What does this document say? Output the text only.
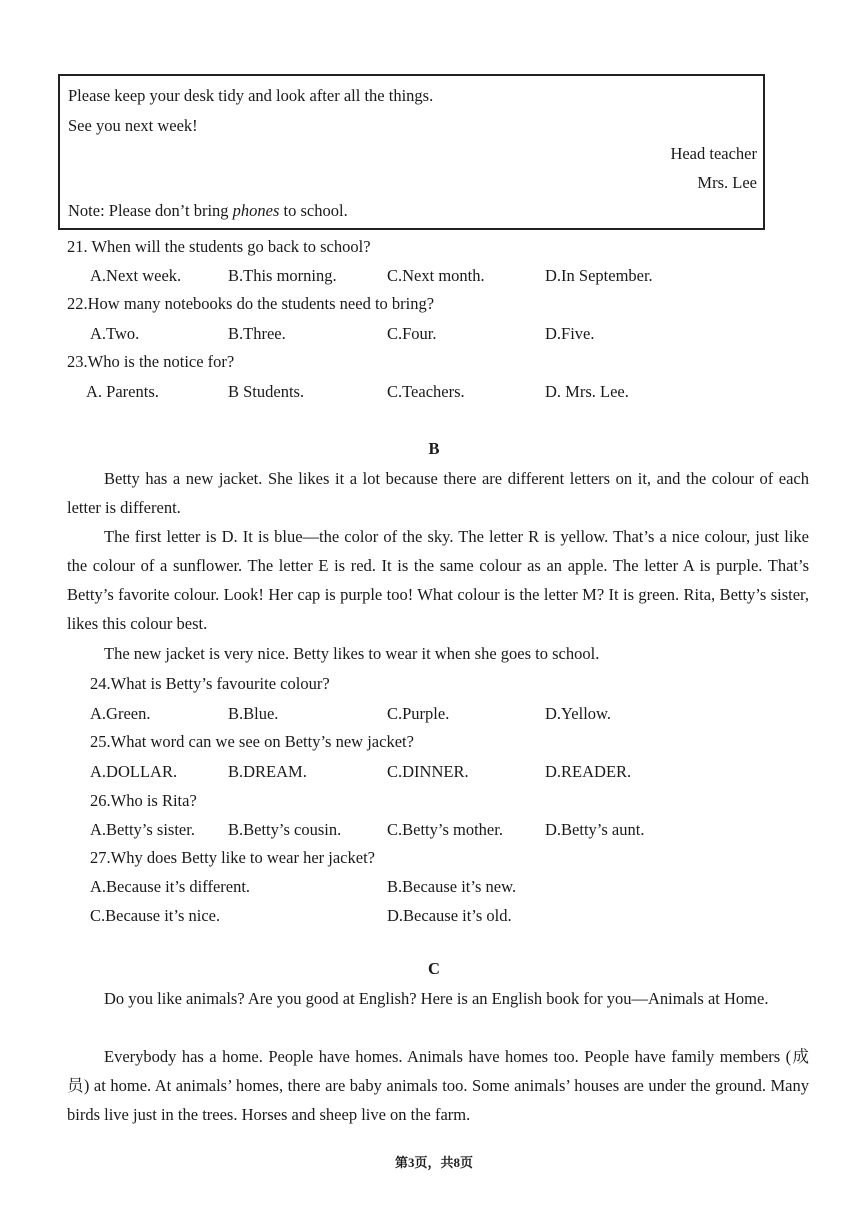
Please keep your desk tidy and look after all the things.
See you next week!
Head teacher
Mrs. Lee
Note: Please don’t bring phones to school.
21. When will the students go back to school?
A.Next week.	B.This morning.	C.Next month.	D.In September.
22.How many notebooks do the students need to bring?
A.Two.	B.Three.	C.Four.	D.Five.
23.Who is the notice for?
A. Parents.	B Students.	C.Teachers.	D. Mrs. Lee.
B
Betty has a new jacket. She likes it a lot because there are different letters on it, and the colour of each letter is different.
The first letter is D. It is blue—the color of the sky. The letter R is yellow. That’s a nice colour, just like the colour of a sunflower. The letter E is red. It is the same colour as an apple. The letter A is purple. That’s Betty’s favorite colour. Look! Her cap is purple too! What colour is the letter M? It is green. Rita, Betty’s sister, likes this colour best.
The new jacket is very nice. Betty likes to wear it when she goes to school.
24.What is Betty’s favourite colour?
A.Green.	B.Blue.	C.Purple.	D.Yellow.
25.What word can we see on Betty’s new jacket?
A.DOLLAR.	B.DREAM.	C.DINNER.	D.READER.
26.Who is Rita?
A.Betty’s sister. B.Betty’s cousin.	C.Betty’s mother.	D.Betty’s aunt.
27.Why does Betty like to wear her jacket?
A.Because it’s different.	B.Because it’s new.
C.Because it’s nice.	D.Because it’s old.
C
Do you like animals? Are you good at English? Here is an English book for you—Animals at Home.
Everybody has a home. People have homes. Animals have homes too. People have family members (成员) at home. At animals’ homes, there are baby animals too. Some animals’ houses are under the ground. Many birds live just in the trees. Horses and sheep live on the farm.
第3页，共8页
